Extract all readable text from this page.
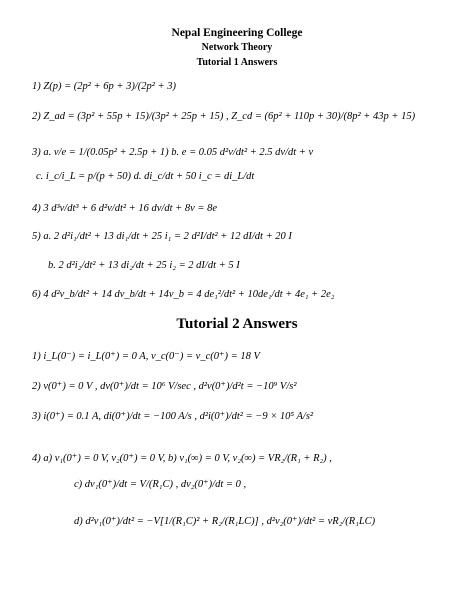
Nepal Engineering College
Network Theory
Tutorial 1 Answers
1) Z(p) = (2p² + 6p + 3)/(2p² + 3)
2) Z_ad = (3p² + 55p + 15)/(3p² + 25p + 15) , Z_cd = (6p² + 110p + 30)/(8p² + 43p + 15)
3) a. v/e = 1/(0.05p² + 2.5p + 1) b. e = 0.05 d²v/dt² + 2.5 dv/dt + v
c. i_c/i_L = p/(p + 50) d. di_c/dt + 50 i_c = di_L/dt
4) 3 d³v/dt³ + 6 d²v/dt² + 16 dv/dt + 8v = 8e
5) a. 2 d²i₁/dt² + 13 di₁/dt + 25 i₁ = 2 d²I/dt² + 12 dI/dt + 20 I
b. 2 d²i₂/dt² + 13 di₂/dt + 25 i₂ = 2 dI/dt + 5 I
6) 4 d²v_b/dt² + 14 dv_b/dt + 14v_b = 4 de₁²/dt² + 10de₁/dt + 4e₁ + 2e₂
Tutorial 2 Answers
1) i_L(0⁻) = i_L(0⁺) = 0 A, v_c(0⁻) = v_c(0⁺) = 18 V
2) v(0⁺) = 0 V , dv(0⁺)/dt = 10⁶ V/sec , d²v(0⁺)/d²t = −10⁹ V/s²
3) i(0⁺) = 0.1 A, di(0⁺)/dt = −100 A/s , d²i(0⁺)/dt² = −9 × 10⁵ A/s²
4) a) v₁(0⁺) = 0 V, v₂(0⁺) = 0 V, b) v₁(∞) = 0 V, v₂(∞) = VR₂/(R₁ + R₂) ,
c) dv₁(0⁺)/dt = V/(R₁C) , dv₂(0⁺)/dt = 0 ,
d) d²v₁(0⁺)/dt² = −V[1/(R₁C)² + R₂/(R₁LC)] , d²v₂(0⁺)/dt² = vR₂/(R₁LC)
